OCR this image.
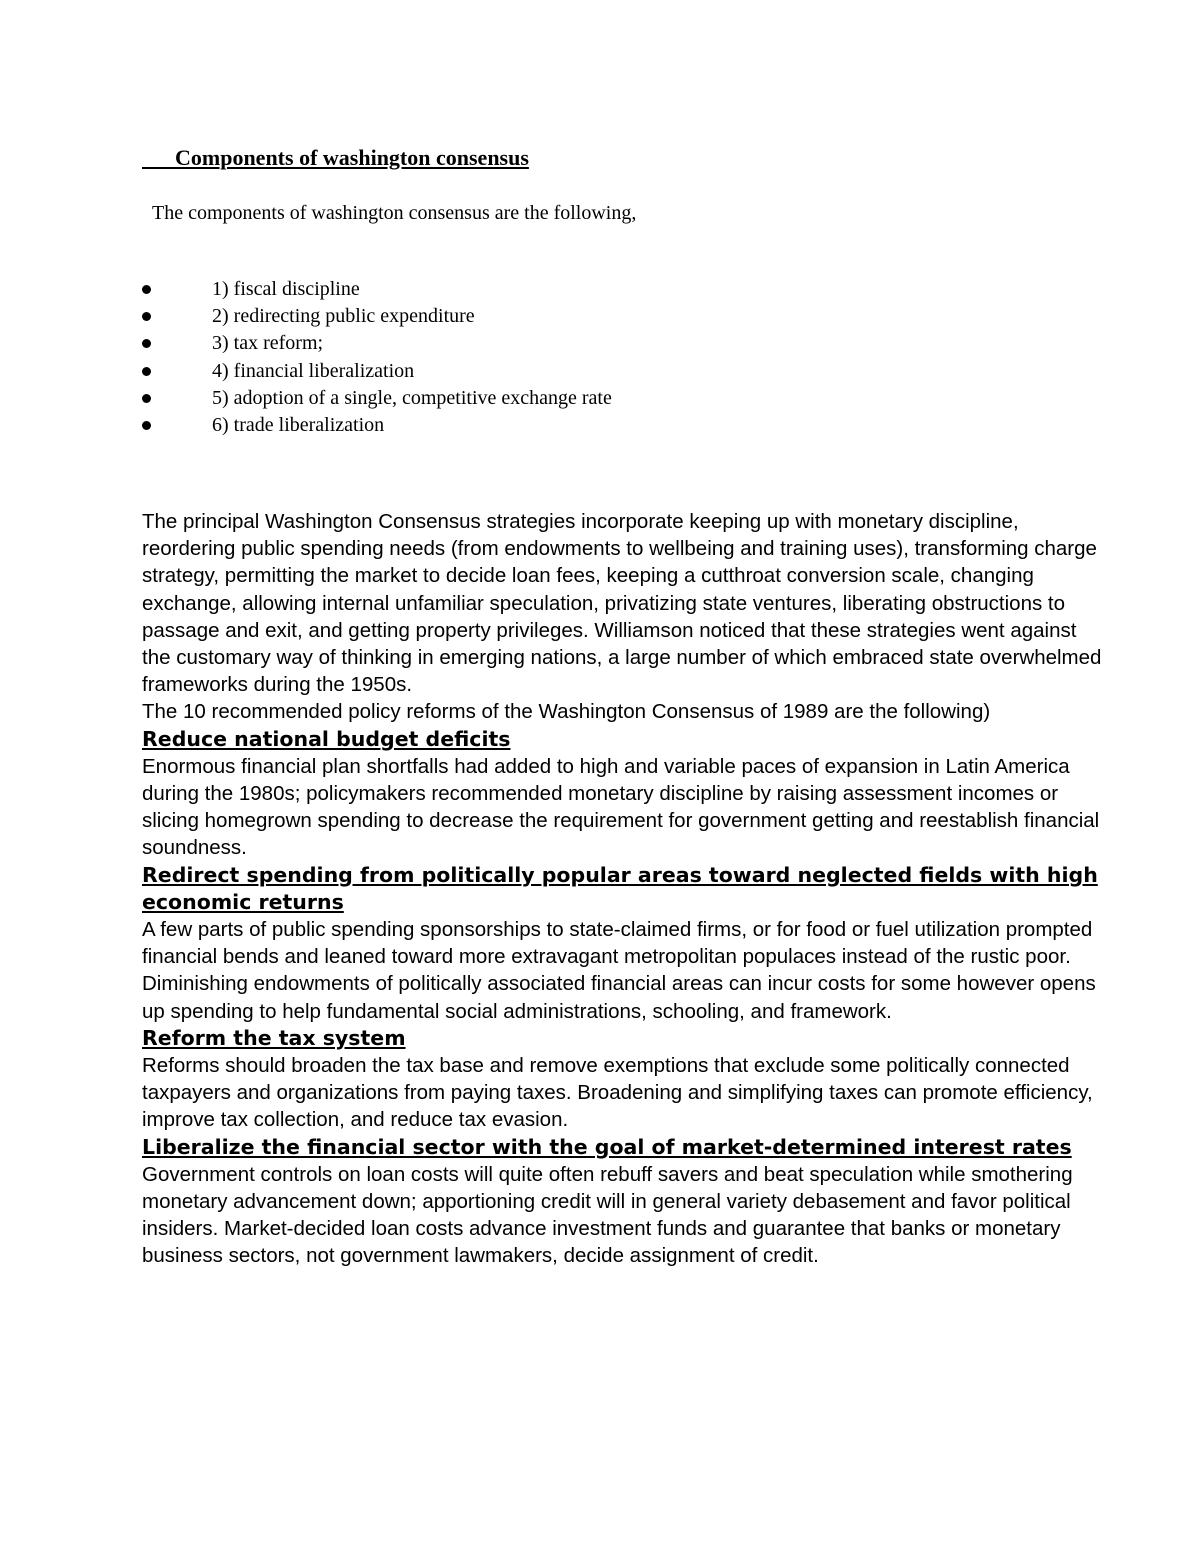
Components of washington consensus
The components of washington consensus are the following,
1) fiscal discipline
2) redirecting public expenditure
3) tax reform;
4) financial liberalization
5) adoption of a single, competitive exchange rate
6) trade liberalization

The principal Washington Consensus strategies incorporate keeping up with monetary discipline, reordering public spending needs (from endowments to wellbeing and training uses), transforming charge strategy, permitting the market to decide loan fees, keeping a cutthroat conversion scale, changing exchange, allowing internal unfamiliar speculation, privatizing state ventures, liberating obstructions to passage and exit, and getting property privileges. Williamson noticed that these strategies went against the customary way of thinking in emerging nations, a large number of which embraced state overwhelmed frameworks during the 1950s.

The 10 recommended policy reforms of the Washington Consensus of 1989 are the following)

Reduce national budget deficits

Enormous financial plan shortfalls had added to high and variable paces of expansion in Latin America during the 1980s; policymakers recommended monetary discipline by raising assessment incomes or slicing homegrown spending to decrease the requirement for government getting and reestablish financial soundness.

Redirect spending from politically popular areas toward neglected fields with high economic returns

A few parts of public spending sponsorships to state-claimed firms, or for food or fuel utilization prompted financial bends and leaned toward more extravagant metropolitan populaces instead of the rustic poor. Diminishing endowments of politically associated financial areas can incur costs for some however opens up spending to help fundamental social administrations, schooling, and framework.

Reform the tax system

Reforms should broaden the tax base and remove exemptions that exclude some politically connected taxpayers and organizations from paying taxes. Broadening and simplifying taxes can promote efficiency, improve tax collection, and reduce tax evasion.

Liberalize the financial sector with the goal of market-determined interest rates

Government controls on loan costs will quite often rebuff savers and beat speculation while smothering monetary advancement down; apportioning credit will in general variety debasement and favor political insiders. Market-decided loan costs advance investment funds and guarantee that banks or monetary business sectors, not government lawmakers, decide assignment of credit.
